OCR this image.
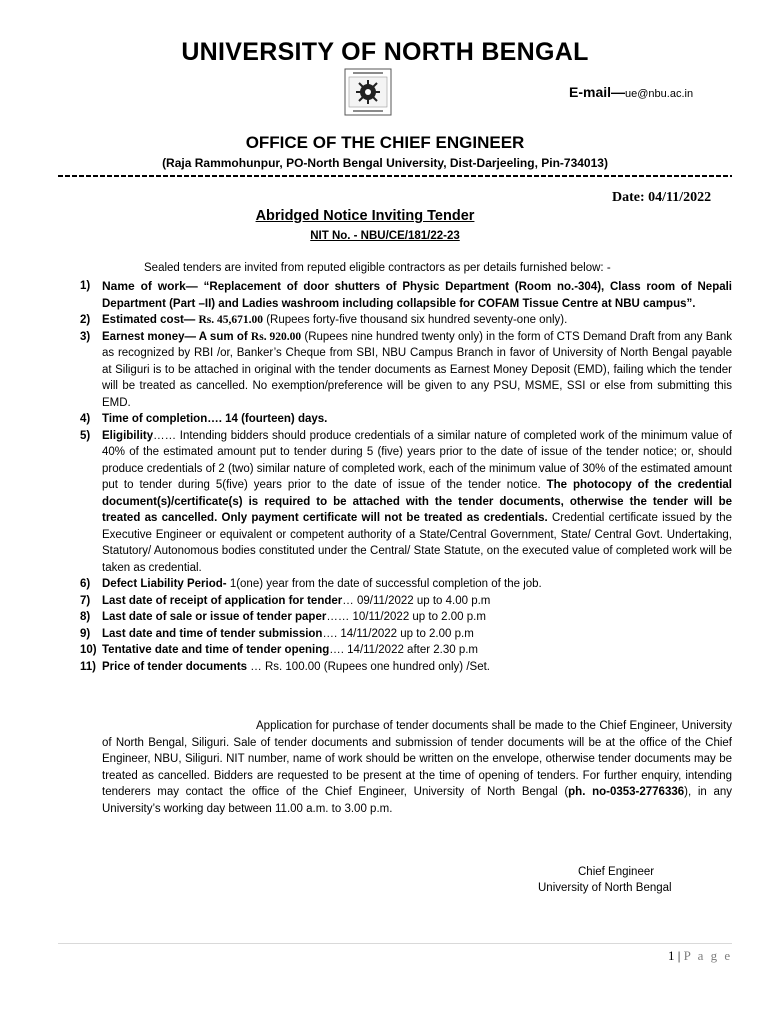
UNIVERSITY OF NORTH BENGAL
E-mail—ue@nbu.ac.in
OFFICE OF THE CHIEF ENGINEER
(Raja Rammohunpur, PO-North Bengal University, Dist-Darjeeling, Pin-734013)
Date: 04/11/2022
Abridged Notice Inviting Tender
NIT No. - NBU/CE/181/22-23
Sealed tenders are invited from reputed eligible contractors as per details furnished below: -
1) Name of work— “Replacement of door shutters of Physic Department (Room no.-304), Class room of Nepali Department (Part –II) and Ladies washroom including collapsible for COFAM Tissue Centre at NBU campus”.
2)	Estimated cost— Rs. 45,671.00 (Rupees forty-five thousand six hundred seventy-one only).
3)	Earnest money— A sum of Rs. 920.00 (Rupees nine hundred twenty only) in the form of CTS Demand Draft from any Bank as recognized by RBI /or, Banker’s Cheque from SBI, NBU Campus Branch in favor of University of North Bengal payable at Siliguri is to be attached in original with the tender documents as Earnest Money Deposit (EMD), failing which the tender will be treated as cancelled. No exemption/preference will be given to any PSU, MSME, SSI or else from submitting this EMD.
4)	Time of completion…. 14 (fourteen) days.
5)	Eligibility…… Intending bidders should produce credentials of a similar nature of completed work of the minimum value of 40% of the estimated amount put to tender during 5 (five) years prior to the date of issue of the tender notice; or, should produce credentials of 2 (two) similar nature of completed work, each of the minimum value of 30% of the estimated amount put to tender during 5(five) years prior to the date of issue of the tender notice. The photocopy of the credential document(s)/certificate(s) is required to be attached with the tender documents, otherwise the tender will be treated as cancelled. Only payment certificate will not be treated as credentials. Credential certificate issued by the Executive Engineer or equivalent or competent authority of a State/Central Government, State/ Central Govt. Undertaking, Statutory/ Autonomous bodies constituted under the Central/ State Statute, on the executed value of completed work will be taken as credential.
6)	Defect Liability Period- 1(one) year from the date of successful completion of the job.
7)	Last date of receipt of application for tender… 09/11/2022 up to 4.00 p.m
8)	Last date of sale or issue of tender paper…… 10/11/2022 up to 2.00 p.m
9)	Last date and time of tender submission…. 14/11/2022 up to 2.00 p.m
10) Tentative date and time of tender opening…. 14/11/2022 after 2.30 p.m
11) Price of tender documents … Rs. 100.00 (Rupees one hundred only) /Set.
Application for purchase of tender documents shall be made to the Chief Engineer, University of North Bengal, Siliguri. Sale of tender documents and submission of tender documents will be at the office of the Chief Engineer, NBU, Siliguri. NIT number, name of work should be written on the envelope, otherwise tender documents may be treated as cancelled. Bidders are requested to be present at the time of opening of tenders. For further enquiry, intending tenderers may contact the office of the Chief Engineer, University of North Bengal (ph. no-0353-2776336), in any University’s working day between 11.00 a.m. to 3.00 p.m.
Chief Engineer
University of North Bengal
1 | P a g e
